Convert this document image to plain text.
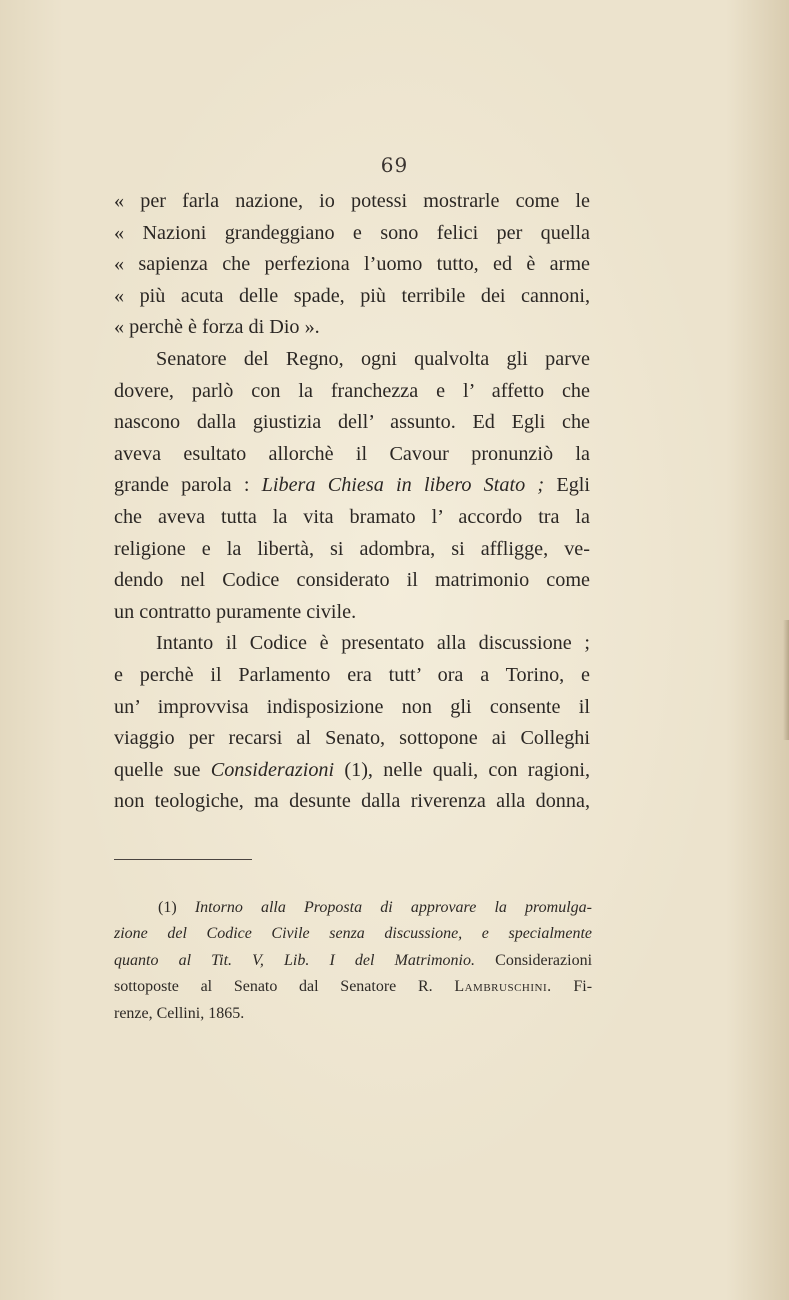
69
« per farla nazione, io potessi mostrarle come le
« Nazioni grandeggiano e sono felici per quella
« sapienza che perfeziona l’uomo tutto, ed è arme
« più acuta delle spade, più terribile dei cannoni,
« perchè è forza di Dio ».
Senatore del Regno, ogni qualvolta gli parve
dovere, parlò con la franchezza e l’ affetto che
nascono dalla giustizia dell’ assunto. Ed Egli che
aveva esultato allorchè il Cavour pronunziò la
grande parola : Libera Chiesa in libero Stato ; Egli
che aveva tutta la vita bramato l’ accordo tra la
religione e la libertà, si adombra, si affligge, ve-
dendo nel Codice considerato il matrimonio come
un contratto puramente civile.
Intanto il Codice è presentato alla discussione ;
e perchè il Parlamento era tutt’ ora a Torino, e
un’ improvvisa indisposizione non gli consente il
viaggio per recarsi al Senato, sottopone ai Colleghi
quelle sue Considerazioni (1), nelle quali, con ragioni,
non teologiche, ma desunte dalla riverenza alla donna,
(1) Intorno alla Proposta di approvare la promulga-
zione del Codice Civile senza discussione, e specialmente
quanto al Tit. V, Lib. I del Matrimonio. Considerazioni
sottoposte al Senato dal Senatore R. Lambruschini. Fi-
renze, Cellini, 1865.
